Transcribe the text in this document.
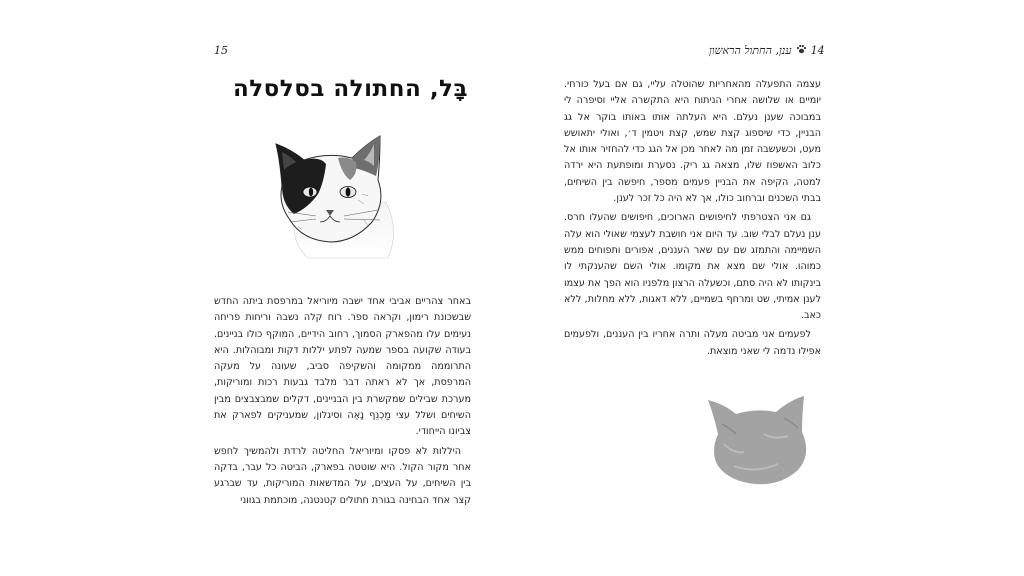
15
בָּל, החתולה בסלסלה

באחר צהריים אביבי אחד ישבה מיוריאל במרפסת ביתה החדש שבשכונת רימון, וקראה ספר. רוח קלה נשבה וריחות פריחה נעימים עלו מהפארק הסמוך, רחוב הידיים, המוקף כולו בניינים. בעודה שקועה בספר שמעה לפתע יללות דקות ומבוהלות. היא התרוממה ממקומה והשקיפה סביב, שעונה על מעקה המרפסת, אך לא ראתה דבר מלבד גבעות רכות ומוריקות, מערכת שבילים שמקשרת בין הבניינים, דקלים שמבצבצים מבין השיחים ושלל עצי מַכְנֵף נָאֶה וסיגלון, שמעניקים לפארק את צביונו הייחודי.

היללות לא פסקו ומיוריאל החליטה לרדת ולהמשיך לחפש אחר מקור הקול. היא שוטטה בפארק, הביטה כל עבר, בדקה בין השיחים, על העצים, על המדשאות המוריקות, עד שברגע קצר אחד הבחינה בגורת חתולים קטנטנה, מוכתמת בגווני

14
ענן, החתול הראשון

עצמה התפעלה מהאחריות שהוטלה עליי, גם אם בעל כורחי. יומיים או שלושה אחרי הניתוח היא התקשרה אליי וסיפרה לי במבוכה שענן נעלם. היא העלתה אותו באותו בוקר אל גג הבניין, כדי שיספוג קצת שמש, קצת ויטמין ד׳, ואולי יתאושש מעט, וכשעשבה זמן מה לאחר מכן אל הגג כדי להחזיר אותו אל כלוב האשפוז שלו, מצאה גג ריק. נסערת ומופתעת היא ירדה למטה, הקיפה את הבניין פעמים מספר, חיפשה בין השיחים, בבתי השכנים וברחוב כולו, אך לא היה כל זכר לענן.

גם אני הצטרפתי לחיפושים הארוכים, חיפושים שהעלו חרס. ענן נעלם לבלי שוב. עד היום אני חושבת לעצמי שאולי הוא עלה השמיימה והתמזג שם עם שאר העננים, אפורים ותפוחים ממש כמוהו. אולי שם מצא את מקומו. אולי השם שהענקתי לו בינקותו לא היה סתם, וכשעלה הרצון מלפניו הוא הפך את עצמו לענן אמיתי, שט ומרחף בשמיים, ללא דאגות, ללא מחלות, ללא כאב.

לפעמים אני מביטה מעלה ותרה אחריו בין העננים, ולפעמים אפילו נדמה לי שאני מוצאת.
